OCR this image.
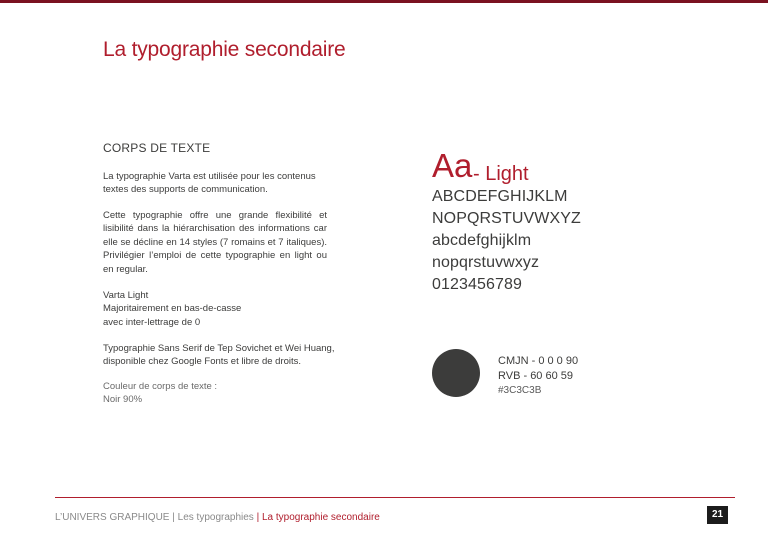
La typographie secondaire
CORPS DE TEXTE

La typographie Varta est utilisée pour les contenus
textes des supports de communication.

Cette typographie offre une grande flexibilité et lisibilité dans la hiérarchisation des informations car elle se décline en 14 styles (7 romains et 7 italiques). Privilégier l’emploi de cette typographie en light ou en regular.

Varta Light
Majoritairement en bas-de-casse
avec inter-lettrage de 0

Typographie Sans Serif de Tep Sovichet et Wei Huang,
disponible chez Google Fonts et libre de droits.

Couleur de corps de texte :
Noir 90%

Aa - Light
ABCDEFGHIJKLM
NOPQRSTUVWXYZ
abcdefghijklm
nopqrstuvwxyz
0123456789
CMJN - 0 0 0 90
RVB - 60 60 59
#3C3C3B
L’UNIVERS GRAPHIQUE | Les typographies | La typographie secondaire	21
